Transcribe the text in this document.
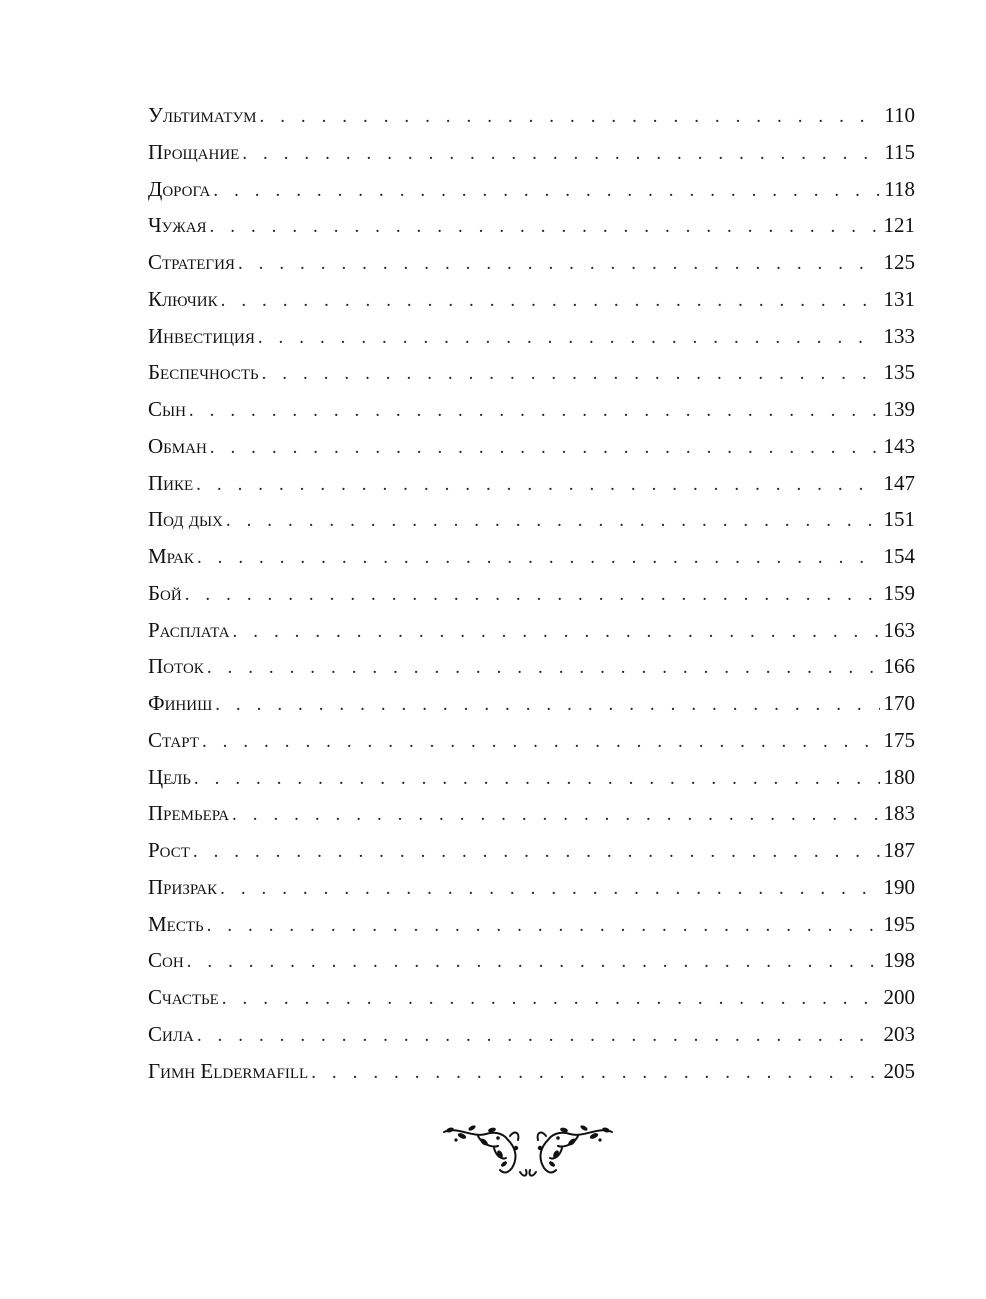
Ультиматум . . .	110
Прощание . . .	115
Дорога . . .	118
Чужая . . .	121
Стратегия . . .	125
Ключик . . .	131
Инвестиция . . .	133
Беспечность . . .	135
Сын . . .	139
Обман . . .	143
Пике . . .	147
Под дых . . .	151
Мрак . . .	154
Бой . . .	159
Расплата . . .	163
Поток . . .	166
Финиш . . .	170
Старт . . .	175
Цель . . .	180
Премьера . . .	183
Рост . . .	187
Призрак . . .	190
Месть . . .	195
Сон . . .	198
Счастье . . .	200
Сила . . .	203
Гимн Eldermafill . . .	205
